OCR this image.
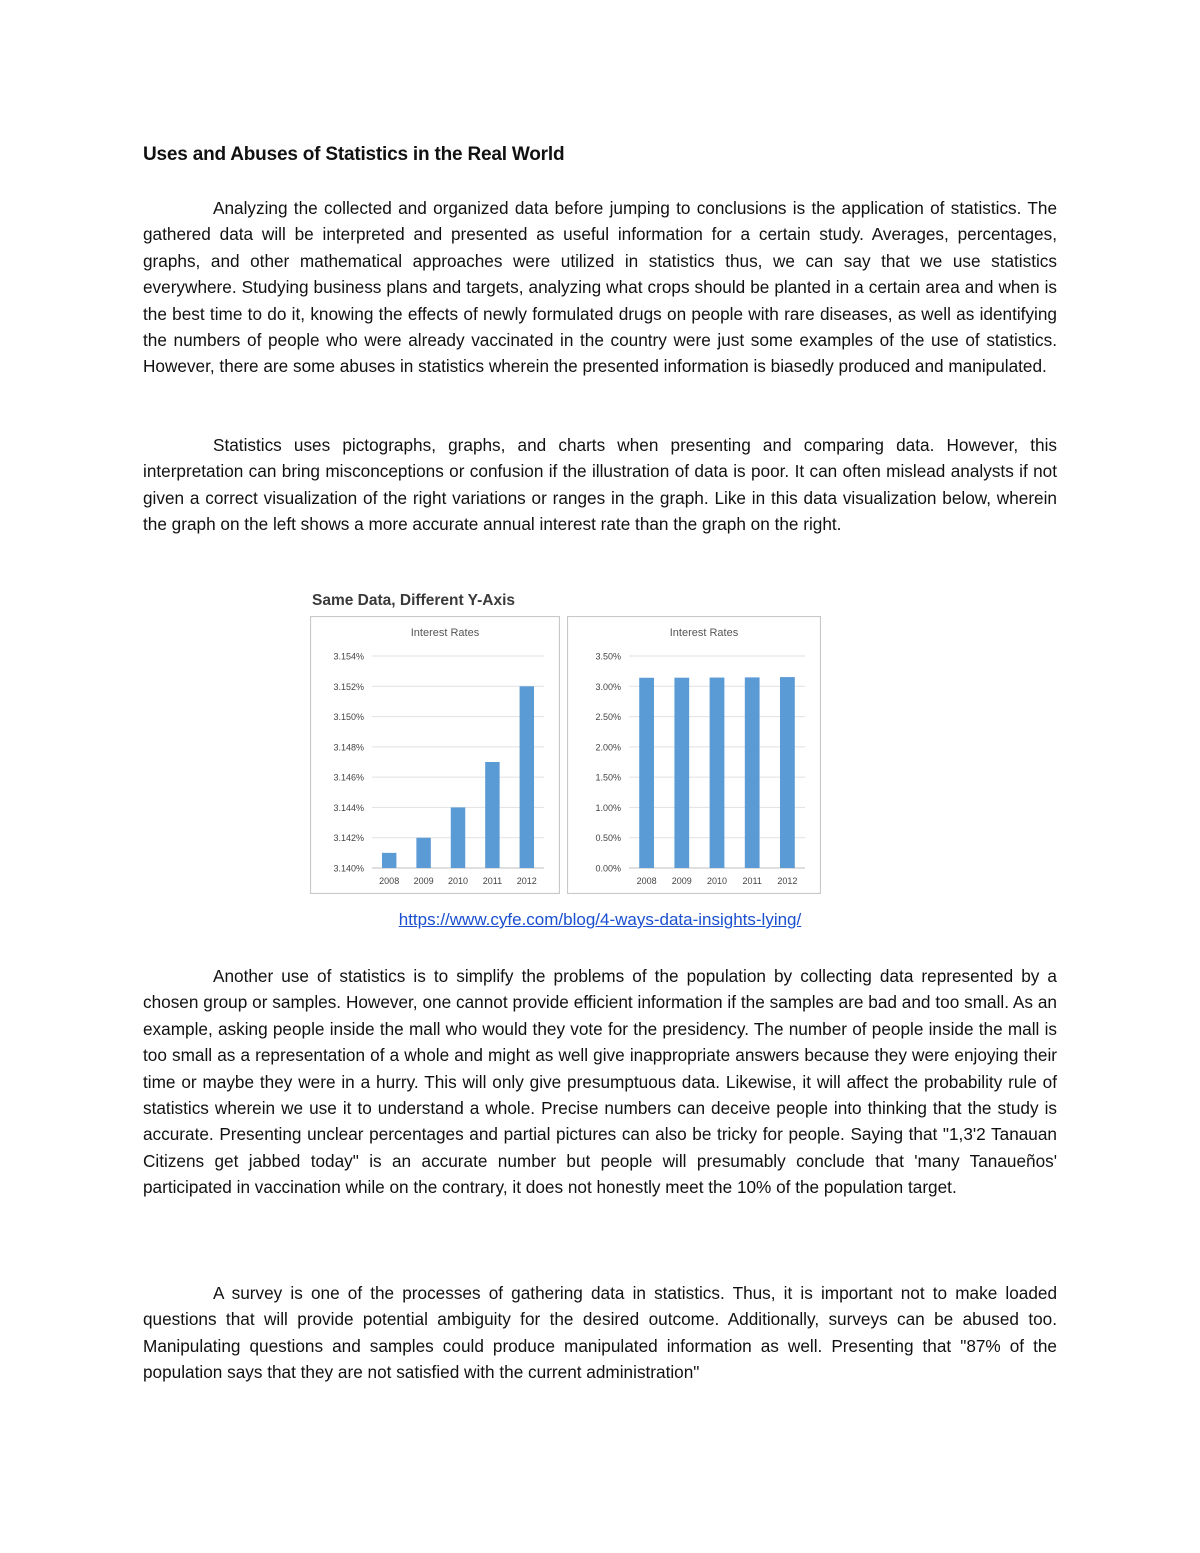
Uses and Abuses of Statistics in the Real World

Analyzing the collected and organized data before jumping to conclusions is the application of statistics. The gathered data will be interpreted and presented as useful information for a certain study. Averages, percentages, graphs, and other mathematical approaches were utilized in statistics thus, we can say that we use statistics everywhere. Studying business plans and targets, analyzing what crops should be planted in a certain area and when is the best time to do it, knowing the effects of newly formulated drugs on people with rare diseases, as well as identifying the numbers of people who were already vaccinated in the country were just some examples of the use of statistics. However, there are some abuses in statistics wherein the presented information is biasedly produced and manipulated.

Statistics uses pictographs, graphs, and charts when presenting and comparing data. However, this interpretation can bring misconceptions or confusion if the illustration of data is poor. It can often mislead analysts if not given a correct visualization of the right variations or ranges in the graph. Like in this data visualization below, wherein the graph on the left shows a more accurate annual interest rate than the graph on the right.

Same Data, Different Y-Axis

Interest Rates
3.140%
3.142%
3.144%
3.146%
3.148%
3.150%
3.152%
3.154%
2008 2009 2010 2011 2012
Interest Rates
0.00%
0.50%
1.00%
1.50%
2.00%
2.50%
3.00%
3.50%
2008 2009 2010 2011 2012
https://www.cyfe.com/blog/4-ways-data-insights-lying/

Another use of statistics is to simplify the problems of the population by collecting data represented by a chosen group or samples. However, one cannot provide efficient information if the samples are bad and too small. As an example, asking people inside the mall who would they vote for the presidency. The number of people inside the mall is too small as a representation of a whole and might as well give inappropriate answers because they were enjoying their time or maybe they were in a hurry. This will only give presumptuous data. Likewise, it will affect the probability rule of statistics wherein we use it to understand a whole. Precise numbers can deceive people into thinking that the study is accurate. Presenting unclear percentages and partial pictures can also be tricky for people. Saying that "1,3'2 Tanauan Citizens get jabbed today" is an accurate number but people will presumably conclude that 'many Tanaueños' participated in vaccination while on the contrary, it does not honestly meet the 10% of the population target.

A survey is one of the processes of gathering data in statistics. Thus, it is important not to make loaded questions that will provide potential ambiguity for the desired outcome. Additionally, surveys can be abused too. Manipulating questions and samples could produce manipulated information as well. Presenting that "87% of the population says that they are not satisfied with the current administration"
